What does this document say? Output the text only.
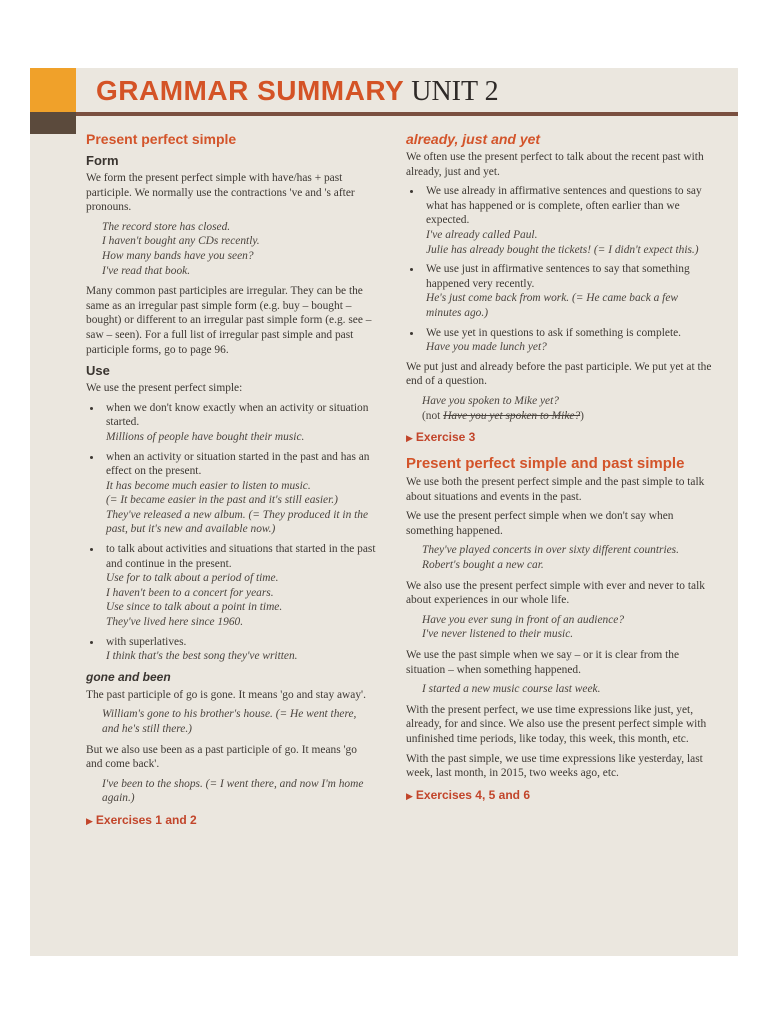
GRAMMAR SUMMARY UNIT 2
Present perfect simple
Form

We form the present perfect simple with have/has + past participle. We normally use the contractions 've and 's after pronouns.

The record store has closed.
I haven't bought any CDs recently.
How many bands have you seen?
I've read that book.

Many common past participles are irregular. They can be the same as an irregular past simple form (e.g. buy – bought – bought) or different to an irregular past simple form (e.g. see – saw – seen). For a full list of irregular past simple and past participle forms, go to page 96.

Use

We use the present perfect simple:

• when we don't know exactly when an activity or situation started.
Millions of people have bought their music.
• when an activity or situation started in the past and has an effect on the present.
It has become much easier to listen to music.
(= It became easier in the past and it's still easier.)
They've released a new album. (= They produced it in the past, but it's new and available now.)
• to talk about activities and situations that started in the past and continue in the present.
Use for to talk about a period of time.
I haven't been to a concert for years.
Use since to talk about a point in time.
They've lived here since 1960.
• with superlatives.
I think that's the best song they've written.
gone and been

The past participle of go is gone. It means 'go and stay away'.

William's gone to his brother's house. (= He went there, and he's still there.)

But we also use been as a past participle of go. It means 'go and come back'.

I've been to the shops. (= I went there, and now I'm home again.)
▶ Exercises 1 and 2
already, just and yet

We often use the present perfect to talk about the recent past with already, just and yet.

• We use already in affirmative sentences and questions to say what has happened or is complete, often earlier than we expected.
I've already called Paul.
Julie has already bought the tickets! (= I didn't expect this.)
• We use just in affirmative sentences to say that something happened very recently.
He's just come back from work. (= He came back a few minutes ago.)
• We use yet in questions to ask if something is complete.
Have you made lunch yet?

We put just and already before the past participle. We put yet at the end of a question.

Have you spoken to Mike yet?
(not Have you yet spoken to Mike?)
▶ Exercise 3
Present perfect simple and past simple

We use both the present perfect simple and the past simple to talk about situations and events in the past.

We use the present perfect simple when we don't say when something happened.

They've played concerts in over sixty different countries.
Robert's bought a new car.

We also use the present perfect simple with ever and never to talk about experiences in our whole life.

Have you ever sung in front of an audience?
I've never listened to their music.

We use the past simple when we say – or it is clear from the situation – when something happened.

I started a new music course last week.

With the present perfect, we use time expressions like just, yet, already, for and since. We also use the present perfect simple with unfinished time periods, like today, this week, this month, etc.

With the past simple, we use time expressions like yesterday, last week, last month, in 2015, two weeks ago, etc.

▶ Exercises 4, 5 and 6
